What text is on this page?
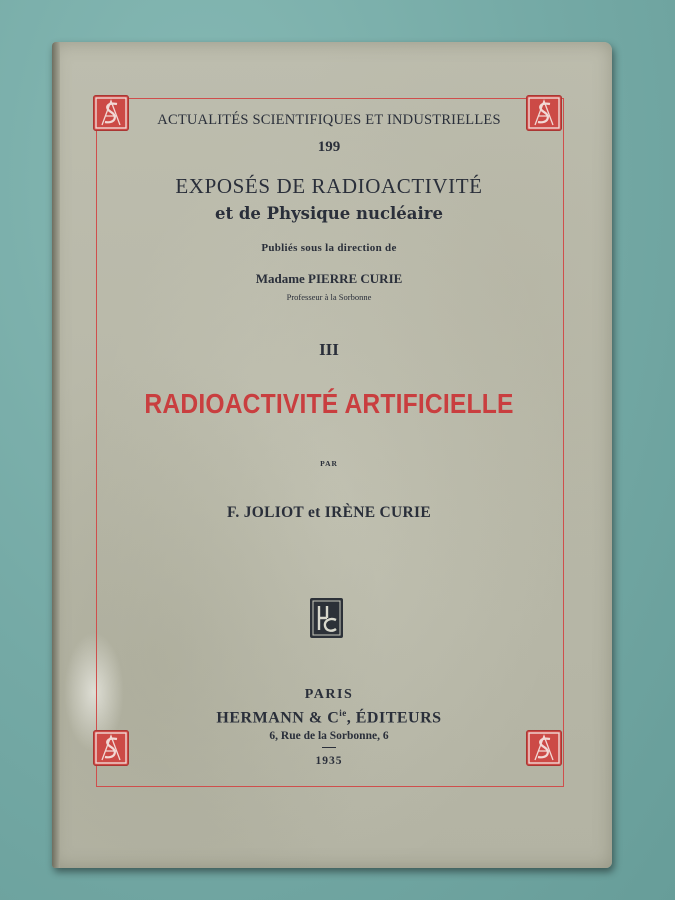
ACTUALITÉS SCIENTIFIQUES ET INDUSTRIELLES
199
EXPOSÉS DE RADIOACTIVITÉ
et de Physique nucléaire
Publiés sous la direction de
Madame PIERRE CURIE
Professeur à la Sorbonne
III
RADIOACTIVITÉ ARTIFICIELLE
PAR
F. JOLIOT et IRÈNE CURIE
PARIS
HERMANN & $C^{ie}$, ÉDITEURS
6, Rue de la Sorbonne, 6
1935
